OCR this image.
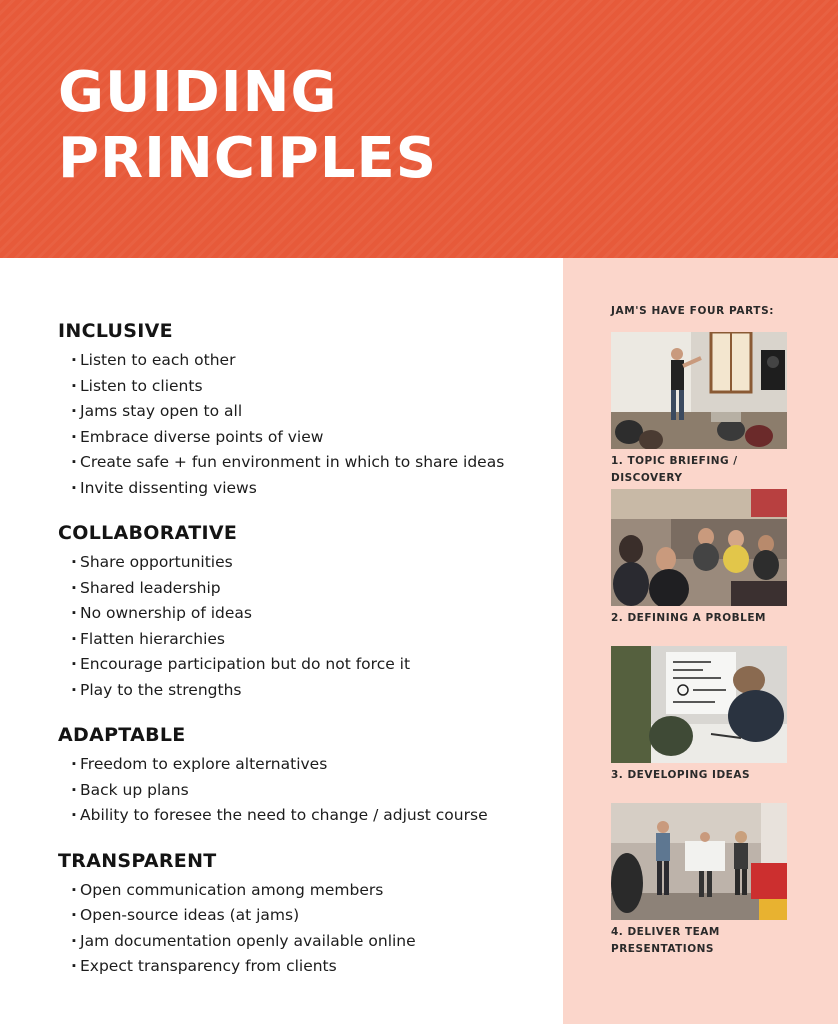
GUIDING
PRINCIPLES
INCLUSIVE
· Listen to each other
· Listen to clients
· Jams stay open to all
· Embrace diverse points of view
· Create safe + fun environment in which to share ideas
· Invite dissenting views
COLLABORATIVE
· Share opportunities
· Shared leadership
· No ownership of ideas
· Flatten hierarchies
· Encourage participation but do not force it
· Play to the strengths
ADAPTABLE
· Freedom to explore alternatives
· Back up plans
· Ability to foresee the need to change / adjust course
TRANSPARENT
· Open communication among members
· Open-source ideas (at jams)
· Jam documentation openly available online
· Expect transparency from clients
JAM'S HAVE FOUR PARTS:
1. TOPIC BRIEFING /
DISCOVERY
2. DEFINING A PROBLEM
3. DEVELOPING IDEAS
4. DELIVER TEAM
PRESENTATIONS
